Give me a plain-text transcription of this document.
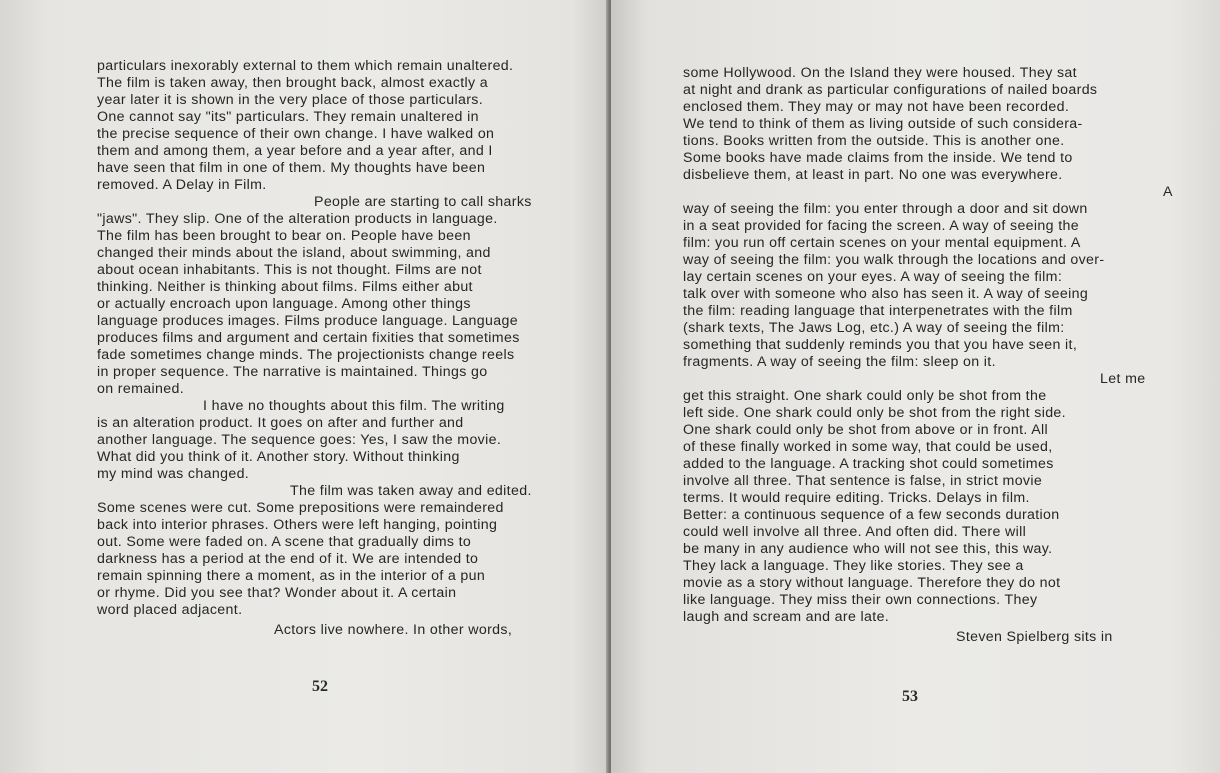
particulars inexorably external to them which remain unaltered.
The film is taken away, then brought back, almost exactly a
year later it is shown in the very place of those particulars.
One cannot say "its" particulars. They remain unaltered in
the precise sequence of their own change. I have walked on
them and among them, a year before and a year after, and I
have seen that film in one of them. My thoughts have been
removed. A Delay in Film.
People are starting to call sharks
"jaws". They slip. One of the alteration products in language.
The film has been brought to bear on. People have been
changed their minds about the island, about swimming, and
about ocean inhabitants. This is not thought. Films are not
thinking. Neither is thinking about films. Films either abut
or actually encroach upon language. Among other things
language produces images. Films produce language. Language
produces films and argument and certain fixities that sometimes
fade sometimes change minds. The projectionists change reels
in proper sequence. The narrative is maintained. Things go
on remained.
I have no thoughts about this film. The writing
is an alteration product. It goes on after and further and
another language. The sequence goes: Yes, I saw the movie.
What did you think of it. Another story. Without thinking
my mind was changed.
The film was taken away and edited.
Some scenes were cut. Some prepositions were remaindered
back into interior phrases. Others were left hanging, pointing
out. Some were faded on. A scene that gradually dims to
darkness has a period at the end of it. We are intended to
remain spinning there a moment, as in the interior of a pun
or rhyme. Did you see that? Wonder about it. A certain
word placed adjacent.
Actors live nowhere. In other words,
52
some Hollywood. On the Island they were housed. They sat
at night and drank as particular configurations of nailed boards
enclosed them. They may or may not have been recorded.
We tend to think of them as living outside of such considera-
tions. Books written from the outside. This is another one.
Some books have made claims from the inside. We tend to
disbelieve them, at least in part. No one was everywhere.
A
way of seeing the film: you enter through a door and sit down
in a seat provided for facing the screen. A way of seeing the
film: you run off certain scenes on your mental equipment. A
way of seeing the film: you walk through the locations and over-
lay certain scenes on your eyes. A way of seeing the film:
talk over with someone who also has seen it. A way of seeing
the film: reading language that interpenetrates with the film
(shark texts, The Jaws Log, etc.) A way of seeing the film:
something that suddenly reminds you that you have seen it,
fragments. A way of seeing the film: sleep on it.
Let me
get this straight. One shark could only be shot from the
left side. One shark could only be shot from the right side.
One shark could only be shot from above or in front. All
of these finally worked in some way, that could be used,
added to the language. A tracking shot could sometimes
involve all three. That sentence is false, in strict movie
terms. It would require editing. Tricks. Delays in film.
Better: a continuous sequence of a few seconds duration
could well involve all three. And often did. There will
be many in any audience who will not see this, this way.
They lack a language. They like stories. They see a
movie as a story without language. Therefore they do not
like language. They miss their own connections. They
laugh and scream and are late.
Steven Spielberg sits in
53
